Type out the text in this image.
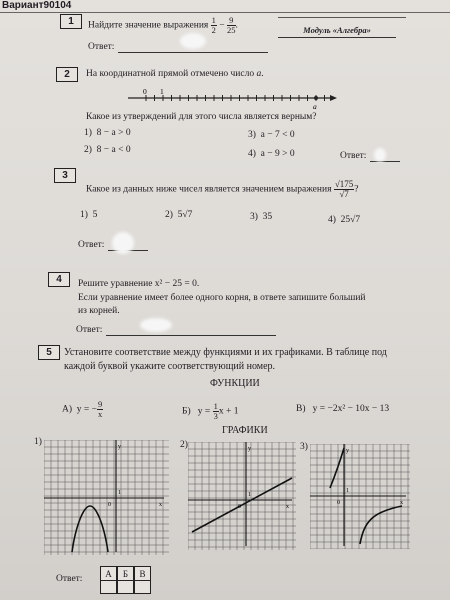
Вариант90104
Модуль «Алгебра»
1	Найдите значение выражения $\frac{1}{2} - \frac{9}{25}$ .
Ответ:
2	На координатной прямой отмечено число a.
0 1
a
Какое из утверждений для этого числа является верным?
1) 8 − a > 0
2) 8 − a < 0
3) a − 7 < 0
4) a − 9 > 0	Ответ:
3
Какое из данных ниже чисел является значением выражения $\frac{√175}{√7}$ ?
1) 5	2) 5√7	3) 35	4) 25√7
Ответ:
4	Решите уравнение x² − 25 = 0.
Если уравнение имеет более одного корня, в ответе запишите больший
из корней.
Ответ:
5	Установите соответствие между функциями и их графиками. В таблице под
каждой буквой укажите соответствующий номер.
ФУНКЦИИ
А) y = − $\frac{9}{x}$	Б) $y = \frac{1}{3}$ x + 1	В) y = −2x² − 10x − 13
ГРАФИКИ
1)	2)	3)
y
x
0
1
y
x
0
1
y
x
0
1
Ответ:	А	Б	В
